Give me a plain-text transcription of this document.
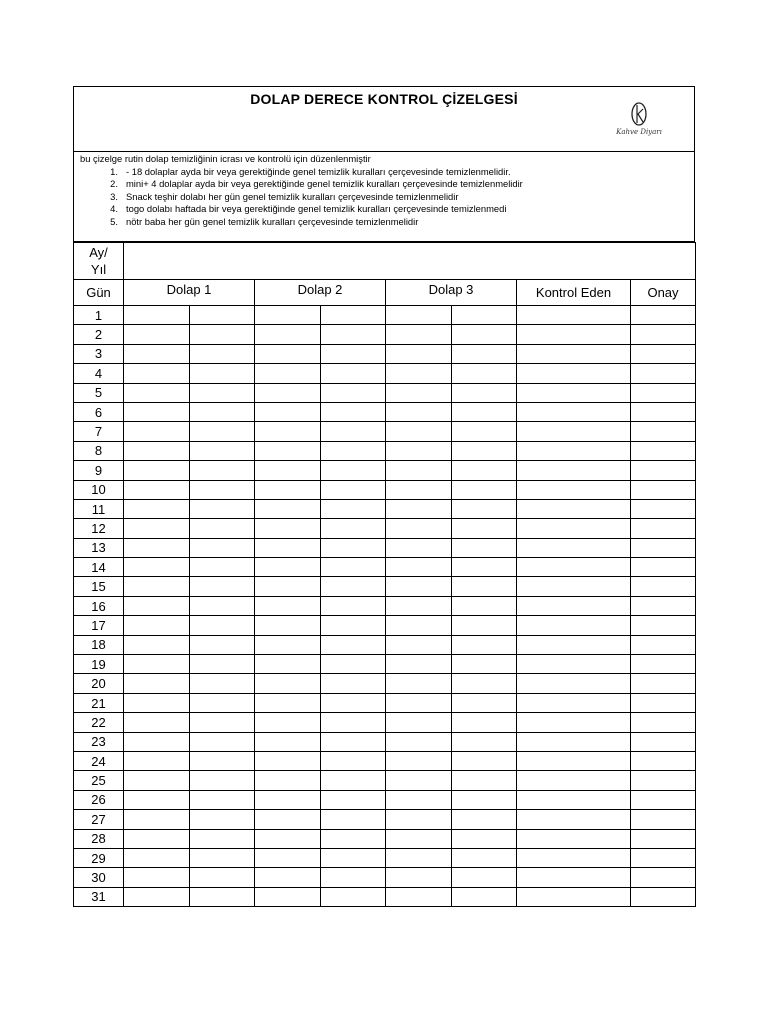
DOLAP DERECE KONTROL ÇİZELGESİ
Kahve Diyarı
bu çizelge rutin dolap temizliğinin icrası ve kontrolü için düzenlenmiştir
1. - 18 dolaplar ayda bir veya gerektiğinde genel temizlik kuralları çerçevesinde temizlenmelidir.
2. mini+ 4 dolaplar ayda bir veya gerektiğinde genel temizlik kuralları çerçevesinde temizlenmelidir
3. Snack teşhir dolabı her gün genel temizlik kuralları çerçevesinde temizlenmelidir
4. togo dolabı haftada bir veya gerektiğinde genel temizlik kuralları çerçevesinde temizlenmedi
5. nötr baba her gün genel temizlik kuralları çerçevesinde temizlenmelidir
Ay/
Yıl								

Gün	Dolap 1		Dolap 2		Dolap 3		Kontrol Eden	Onay
1								
2								
3								
4								
5								
6								
7								
8								
9								
10								
11								
12								
13								
14								
15								
16								
17								
18								
19								
20								
21								
22								
23								
24								
25								
26								
27								
28								
29								
30								
31								
